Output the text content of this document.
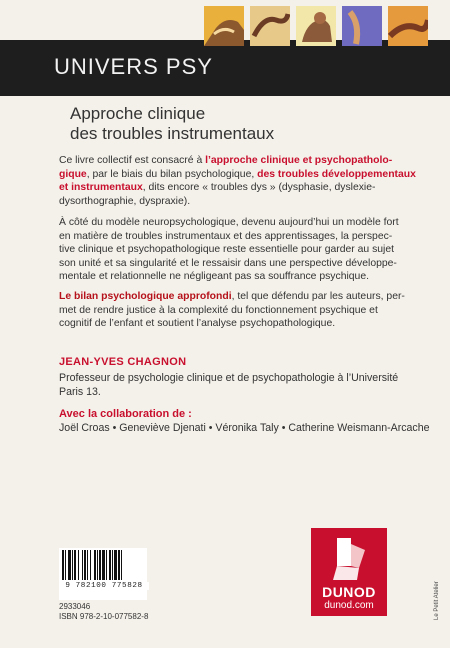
UNIVERS PSY
Approche clinique
des troubles instrumentaux
Ce livre collectif est consacré à l’approche clinique et psychopatholo-
gique, par le biais du bilan psychologique, des troubles développementaux
et instrumentaux, dits encore « troubles dys » (dysphasie, dyslexie-
dysorthographie, dyspraxie).
À côté du modèle neuropsychologique, devenu aujourd’hui un modèle fort
en matière de troubles instrumentaux et des apprentissages, la perspec-
tive clinique et psychopathologique reste essentielle pour garder au sujet
son unité et sa singularité et le ressaisir dans une perspective développe-
mentale et relationnelle ne négligeant pas sa souffrance psychique.
Le bilan psychologique approfondi, tel que défendu par les auteurs, per-
met de rendre justice à la complexité du fonctionnement psychique et
cognitif de l’enfant et soutient l’analyse psychopathologique.
JEAN-YVES CHAGNON
Professeur de psychologie clinique et de psychopathologie à l’Université
Paris 13.
Avec la collaboration de :
Joël Croas • Geneviève Djenati • Véronika Taly • Catherine Weismann-Arcache
9 782100 775828
2933046
ISBN 978-2-10-077582-8
DUNOD
dunod.com	Le Petit Atelier
